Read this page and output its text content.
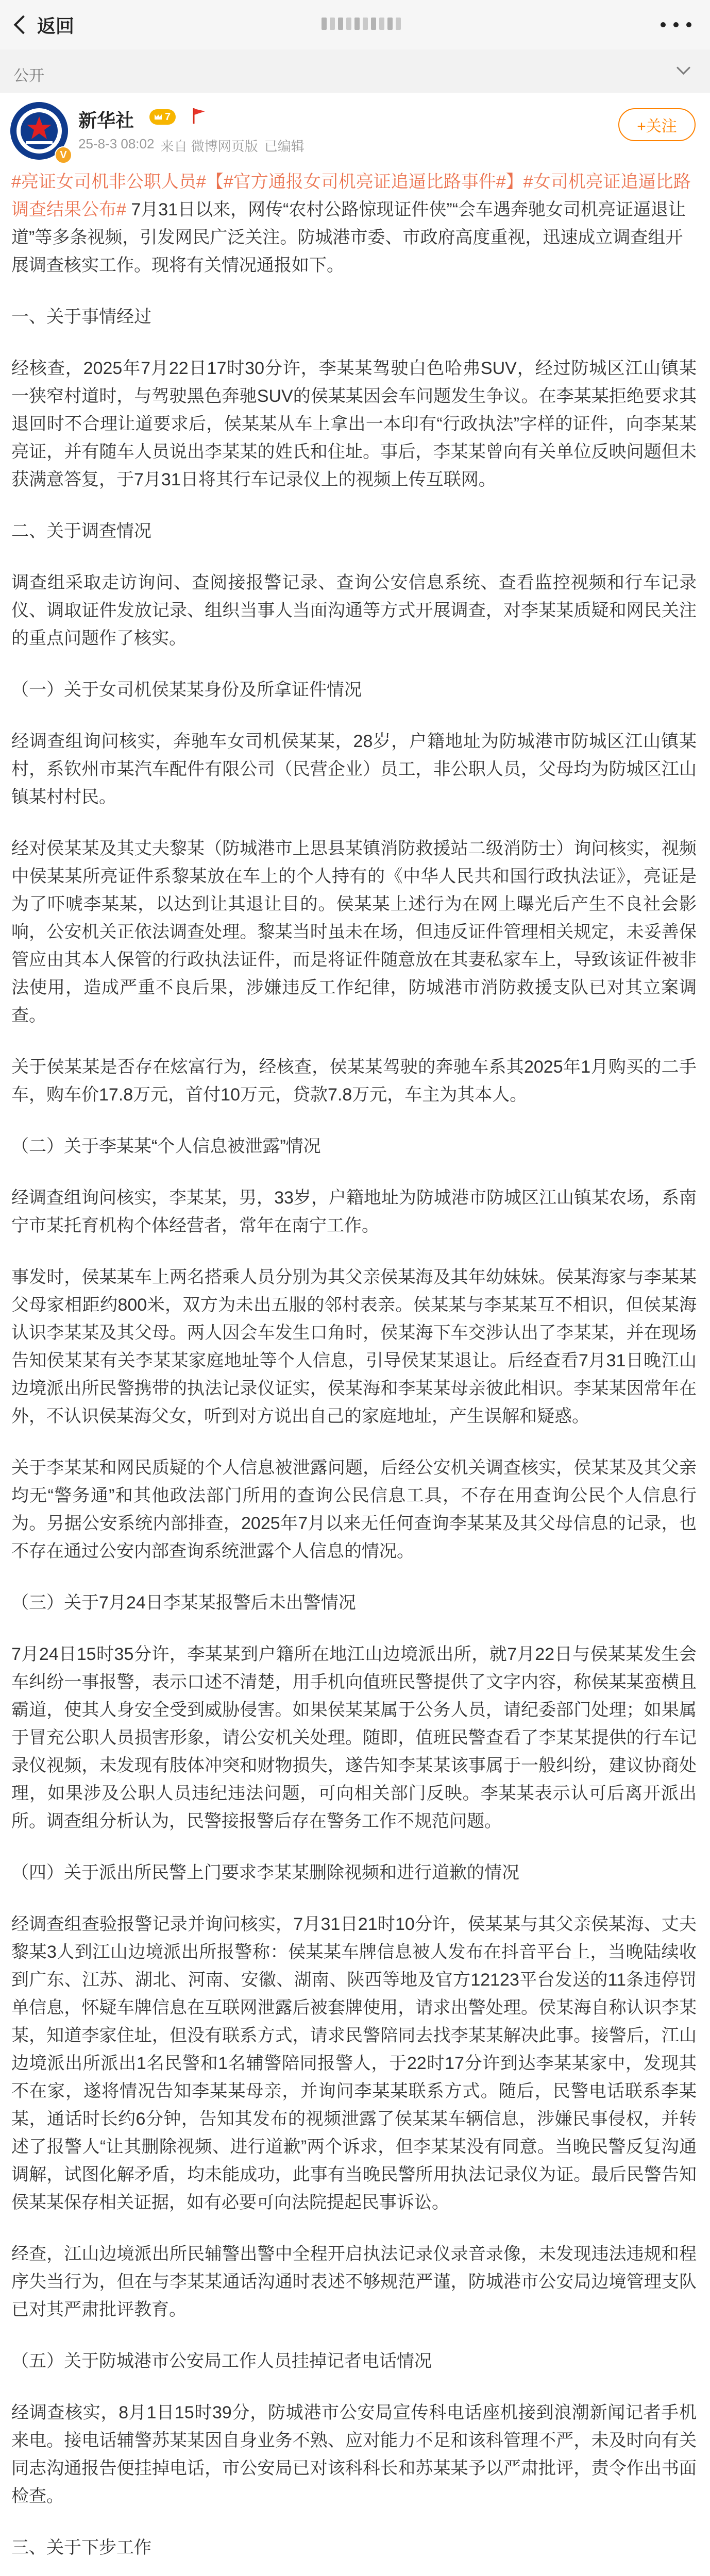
返回
公开
V
新华社	7
25-8-3 08:02 来自 微博网页版 已编辑
+关注

#亮证女司机非公职人员#【#官方通报女司机亮证追逼比路事件#】#女司机亮证追逼比路调查结果公布# 7月31日以来，网传“农村公路惊现证件侠”“会车遇奔驰女司机亮证逼退让道”等多条视频，引发网民广泛关注。防城港市委、市政府高度重视，迅速成立调查组开展调查核实工作。现将有关情况通报如下。

一、关于事情经过

经核查，2025年7月22日17时30分许，李某某驾驶白色哈弗SUV，经过防城区江山镇某一狭窄村道时，与驾驶黑色奔驰SUV的侯某某因会车问题发生争议。在李某某拒绝要求其退回时不合理让道要求后，侯某某从车上拿出一本印有“行政执法”字样的证件，向李某某亮证，并有随车人员说出李某某的姓氏和住址。事后，李某某曾向有关单位反映问题但未获满意答复，于7月31日将其行车记录仪上的视频上传互联网。

二、关于调查情况

调查组采取走访询问、查阅接报警记录、查询公安信息系统、查看监控视频和行车记录仪、调取证件发放记录、组织当事人当面沟通等方式开展调查，对李某某质疑和网民关注的重点问题作了核实。

（一）关于女司机侯某某身份及所拿证件情况

经调查组询问核实，奔驰车女司机侯某某，28岁，户籍地址为防城港市防城区江山镇某村，系钦州市某汽车配件有限公司（民营企业）员工，非公职人员，父母均为防城区江山镇某村村民。

经对侯某某及其丈夫黎某（防城港市上思县某镇消防救援站二级消防士）询问核实，视频中侯某某所亮证件系黎某放在车上的个人持有的《中华人民共和国行政执法证》，亮证是为了吓唬李某某，以达到让其退让目的。侯某某上述行为在网上曝光后产生不良社会影响，公安机关正依法调查处理。黎某当时虽未在场，但违反证件管理相关规定，未妥善保管应由其本人保管的行政执法证件，而是将证件随意放在其妻私家车上，导致该证件被非法使用，造成严重不良后果，涉嫌违反工作纪律，防城港市消防救援支队已对其立案调查。

关于侯某某是否存在炫富行为，经核查，侯某某驾驶的奔驰车系其2025年1月购买的二手车，购车价17.8万元，首付10万元，贷款7.8万元，车主为其本人。

（二）关于李某某“个人信息被泄露”情况

经调查组询问核实，李某某，男，33岁，户籍地址为防城港市防城区江山镇某农场，系南宁市某托育机构个体经营者，常年在南宁工作。

事发时，侯某某车上两名搭乘人员分别为其父亲侯某海及其年幼妹妹。侯某海家与李某某父母家相距约800米，双方为未出五服的邻村表亲。侯某某与李某某互不相识，但侯某海认识李某某及其父母。两人因会车发生口角时，侯某海下车交涉认出了李某某，并在现场告知侯某某有关李某某家庭地址等个人信息，引导侯某某退让。后经查看7月31日晚江山边境派出所民警携带的执法记录仪证实，侯某海和李某某母亲彼此相识。李某某因常年在外，不认识侯某海父女，听到对方说出自己的家庭地址，产生误解和疑惑。

关于李某某和网民质疑的个人信息被泄露问题，后经公安机关调查核实，侯某某及其父亲均无“警务通”和其他政法部门所用的查询公民信息工具，不存在用查询公民个人信息行为。另据公安系统内部排查，2025年7月以来无任何查询李某某及其父母信息的记录，也不存在通过公安内部查询系统泄露个人信息的情况。

（三）关于7月24日李某某报警后未出警情况

7月24日15时35分许，李某某到户籍所在地江山边境派出所，就7月22日与侯某某发生会车纠纷一事报警，表示口述不清楚，用手机向值班民警提供了文字内容，称侯某某蛮横且霸道，使其人身安全受到威胁侵害。如果侯某某属于公务人员，请纪委部门处理；如果属于冒充公职人员损害形象，请公安机关处理。随即，值班民警查看了李某某提供的行车记录仪视频，未发现有肢体冲突和财物损失，遂告知李某某该事属于一般纠纷，建议协商处理，如果涉及公职人员违纪违法问题，可向相关部门反映。李某某表示认可后离开派出所。调查组分析认为，民警接报警后存在警务工作不规范问题。

（四）关于派出所民警上门要求李某某删除视频和进行道歉的情况

经调查组查验报警记录并询问核实，7月31日21时10分许，侯某某与其父亲侯某海、丈夫黎某3人到江山边境派出所报警称：侯某某车牌信息被人发布在抖音平台上，当晚陆续收到广东、江苏、湖北、河南、安徽、湖南、陕西等地及官方12123平台发送的11条违停罚单信息，怀疑车牌信息在互联网泄露后被套牌使用，请求出警处理。侯某海自称认识李某某，知道李家住址，但没有联系方式，请求民警陪同去找李某某解决此事。接警后，江山边境派出所派出1名民警和1名辅警陪同报警人，于22时17分许到达李某某家中，发现其不在家，遂将情况告知李某某母亲，并询问李某某联系方式。随后，民警电话联系李某某，通话时长约6分钟，告知其发布的视频泄露了侯某某车辆信息，涉嫌民事侵权，并转述了报警人“让其删除视频、进行道歉”两个诉求，但李某某没有同意。当晚民警反复沟通调解，试图化解矛盾，均未能成功，此事有当晚民警所用执法记录仪为证。最后民警告知侯某某保存相关证据，如有必要可向法院提起民事诉讼。

经查，江山边境派出所民辅警出警中全程开启执法记录仪录音录像，未发现违法违规和程序失当行为，但在与李某某通话沟通时表述不够规范严谨，防城港市公安局边境管理支队已对其严肃批评教育。

（五）关于防城港市公安局工作人员挂掉记者电话情况

经调查核实，8月1日15时39分，防城港市公安局宣传科电话座机接到浪潮新闻记者手机来电。接电话辅警苏某某因自身业务不熟、应对能力不足和该科管理不严，未及时向有关同志沟通报告便挂掉电话，市公安局已对该科科长和苏某某予以严肃批评，责令作出书面检查。

三、关于下步工作
